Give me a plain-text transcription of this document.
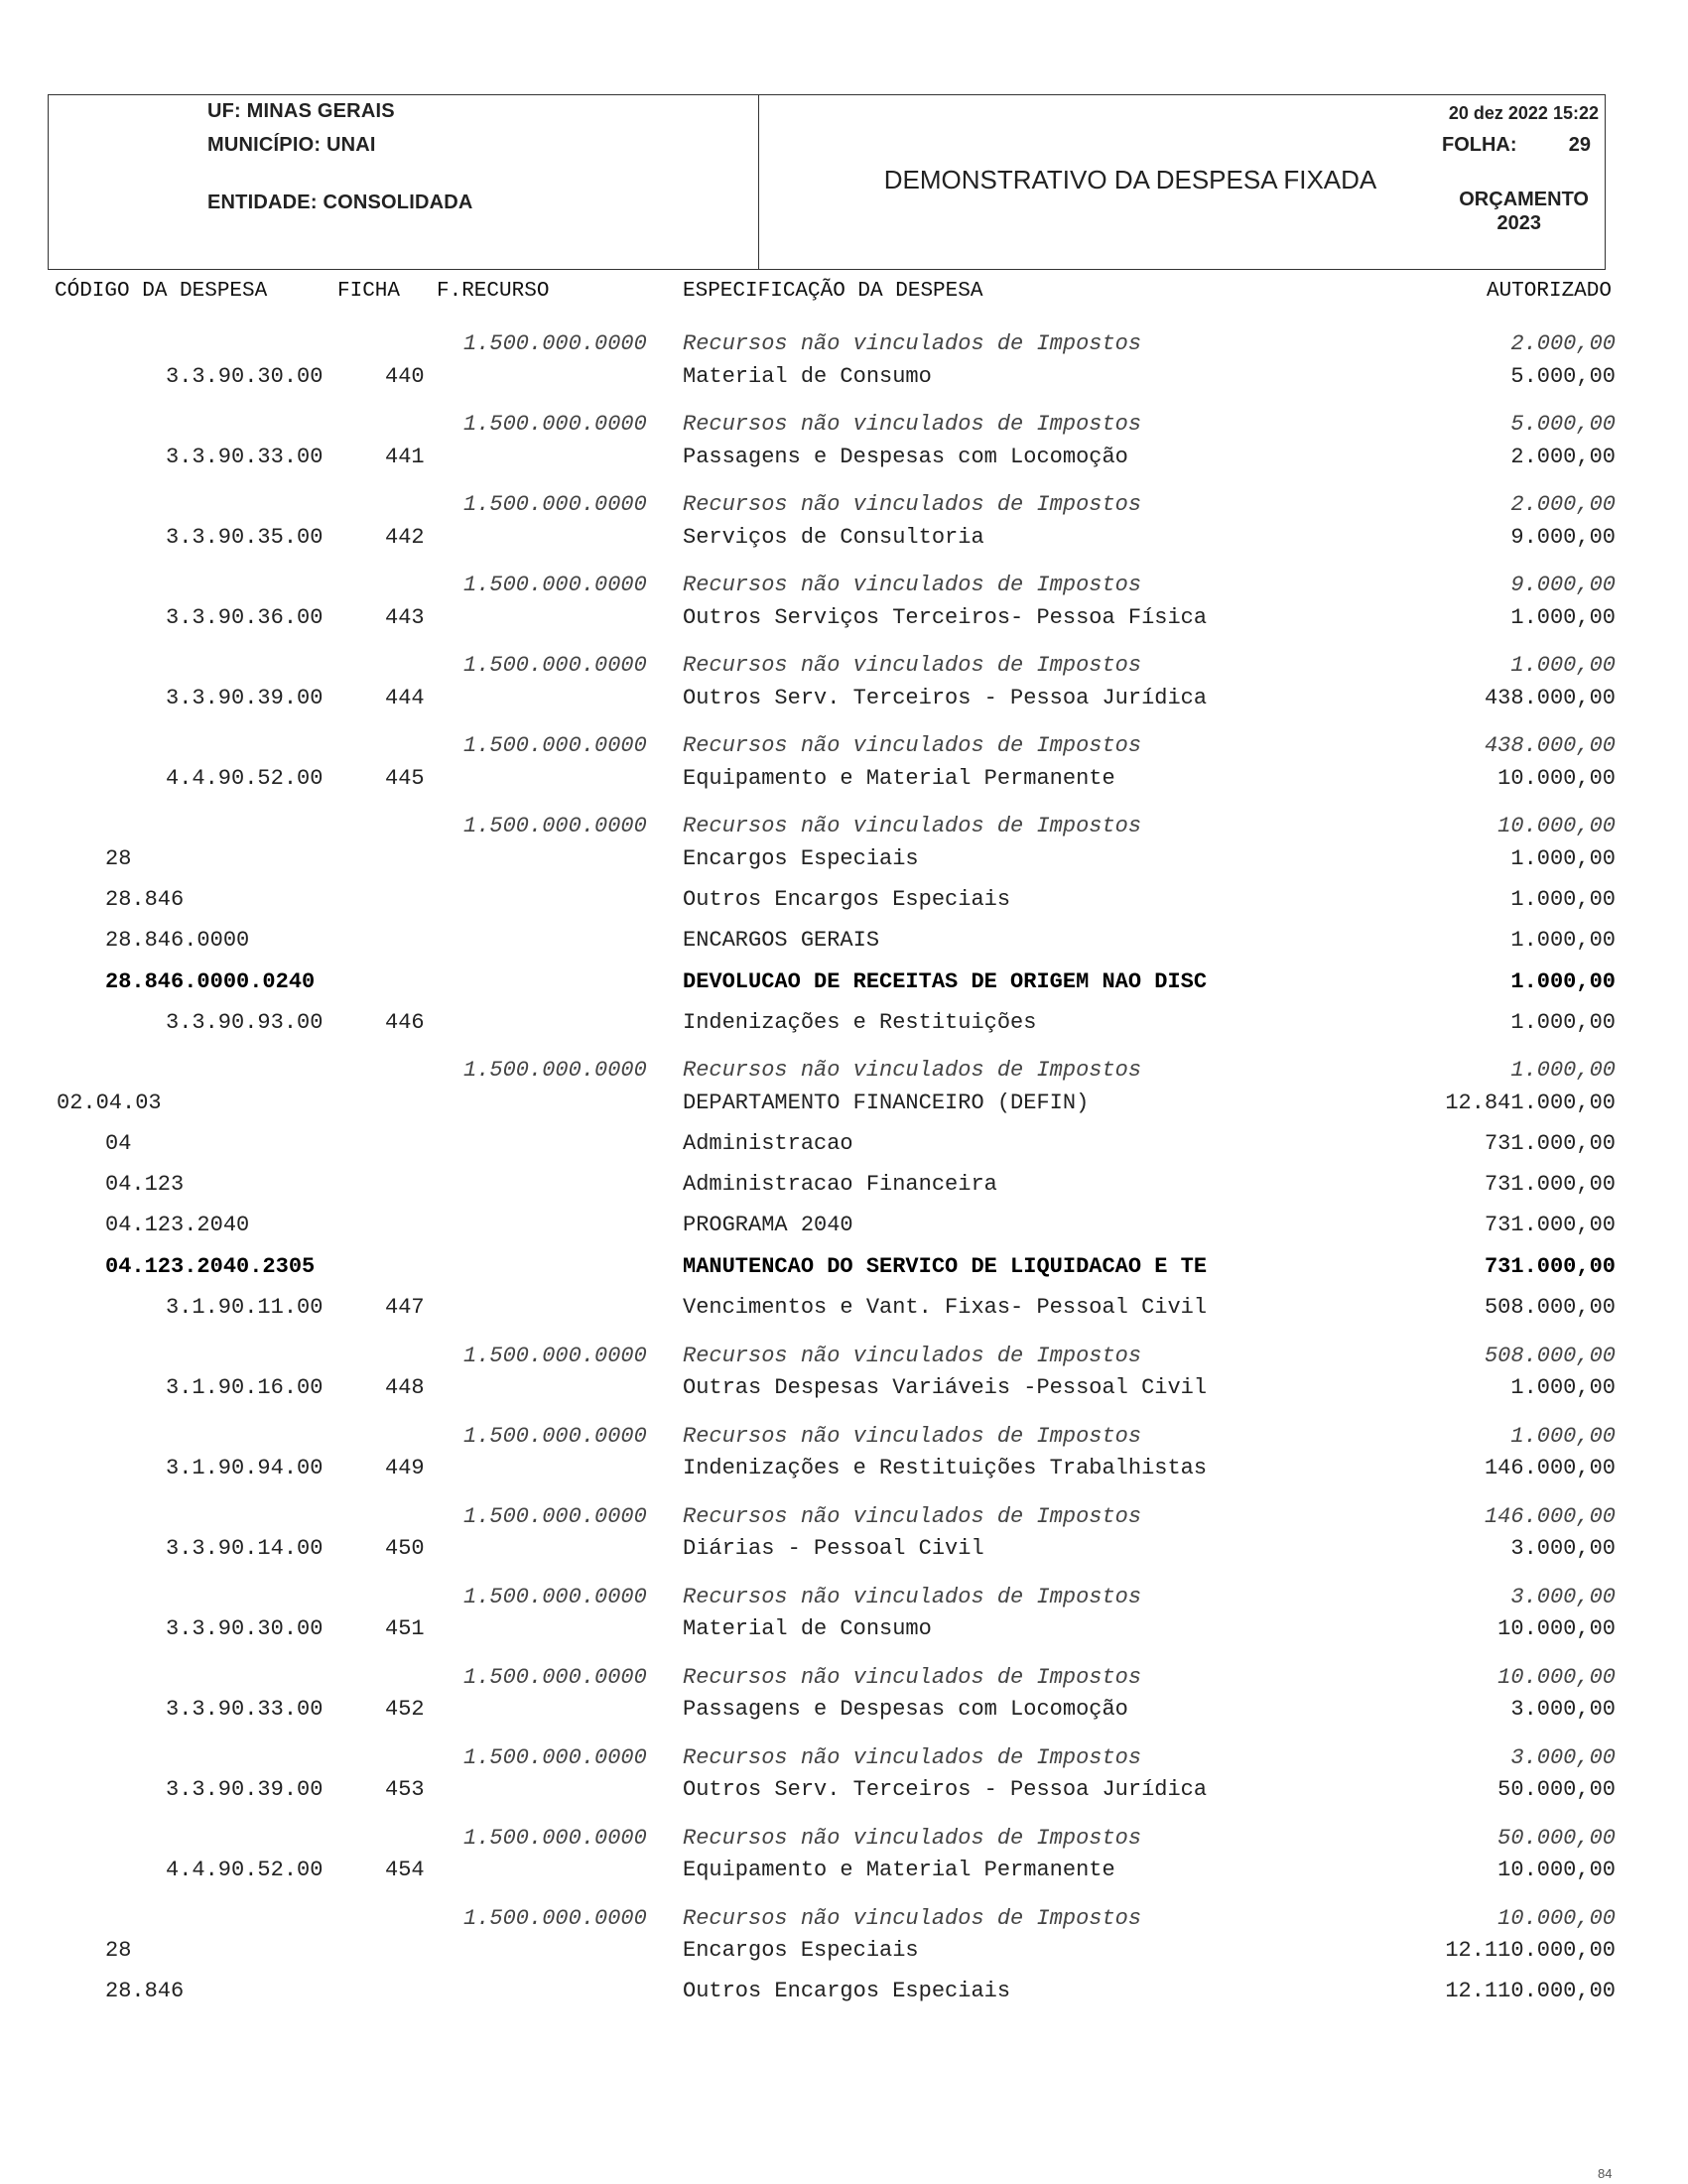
UF: MINAS GERAIS
MUNICÍPIO: UNAI
ENTIDADE: CONSOLIDADA
DEMONSTRATIVO DA DESPESA FIXADA
20 dez 2022 15:22
FOLHA:	29
ORÇAMENTO
2023
CÓDIGO DA DESPESA	FICHA F.RECURSO	ESPECIFICAÇÃO DA DESPESA	AUTORIZADO
1.500.000.0000 Recursos não vinculados de Impostos	2.000,00
3.3.90.30.00	440	Material de Consumo	5.000,00
1.500.000.0000 Recursos não vinculados de Impostos	5.000,00
3.3.90.33.00	441	Passagens e Despesas com Locomoção	2.000,00
1.500.000.0000 Recursos não vinculados de Impostos	2.000,00
3.3.90.35.00	442	Serviços de Consultoria	9.000,00
1.500.000.0000 Recursos não vinculados de Impostos	9.000,00
3.3.90.36.00	443	Outros Serviços Terceiros- Pessoa Física	1.000,00
1.500.000.0000 Recursos não vinculados de Impostos	1.000,00
3.3.90.39.00	444	Outros Serv. Terceiros - Pessoa Jurídica	438.000,00
1.500.000.0000 Recursos não vinculados de Impostos	438.000,00
4.4.90.52.00	445	Equipamento e Material Permanente	10.000,00
1.500.000.0000 Recursos não vinculados de Impostos	10.000,00
28	Encargos Especiais	1.000,00
28.846	Outros Encargos Especiais	1.000,00
28.846.0000	ENCARGOS GERAIS	1.000,00
28.846.0000.0240	DEVOLUCAO DE RECEITAS DE ORIGEM NAO DISC	1.000,00
3.3.90.93.00	446	Indenizações e Restituições	1.000,00
1.500.000.0000 Recursos não vinculados de Impostos	1.000,00
02.04.03	DEPARTAMENTO FINANCEIRO (DEFIN)	12.841.000,00
04	Administracao	731.000,00
04.123	Administracao Financeira	731.000,00
04.123.2040	PROGRAMA 2040	731.000,00
04.123.2040.2305	MANUTENCAO DO SERVICO DE LIQUIDACAO E TE	731.000,00
3.1.90.11.00	447	Vencimentos e Vant. Fixas- Pessoal Civil	508.000,00
1.500.000.0000 Recursos não vinculados de Impostos	508.000,00
3.1.90.16.00	448	Outras Despesas Variáveis -Pessoal Civil	1.000,00
1.500.000.0000 Recursos não vinculados de Impostos	1.000,00
3.1.90.94.00	449	Indenizações e Restituições Trabalhistas	146.000,00
1.500.000.0000 Recursos não vinculados de Impostos	146.000,00
3.3.90.14.00	450	Diárias - Pessoal Civil	3.000,00
1.500.000.0000 Recursos não vinculados de Impostos	3.000,00
3.3.90.30.00	451	Material de Consumo	10.000,00
1.500.000.0000 Recursos não vinculados de Impostos	10.000,00
3.3.90.33.00	452	Passagens e Despesas com Locomoção	3.000,00
1.500.000.0000 Recursos não vinculados de Impostos	3.000,00
3.3.90.39.00	453	Outros Serv. Terceiros - Pessoa Jurídica	50.000,00
1.500.000.0000 Recursos não vinculados de Impostos	50.000,00
4.4.90.52.00	454	Equipamento e Material Permanente	10.000,00
1.500.000.0000 Recursos não vinculados de Impostos	10.000,00
28	Encargos Especiais	12.110.000,00
28.846	Outros Encargos Especiais	12.110.000,00
84
